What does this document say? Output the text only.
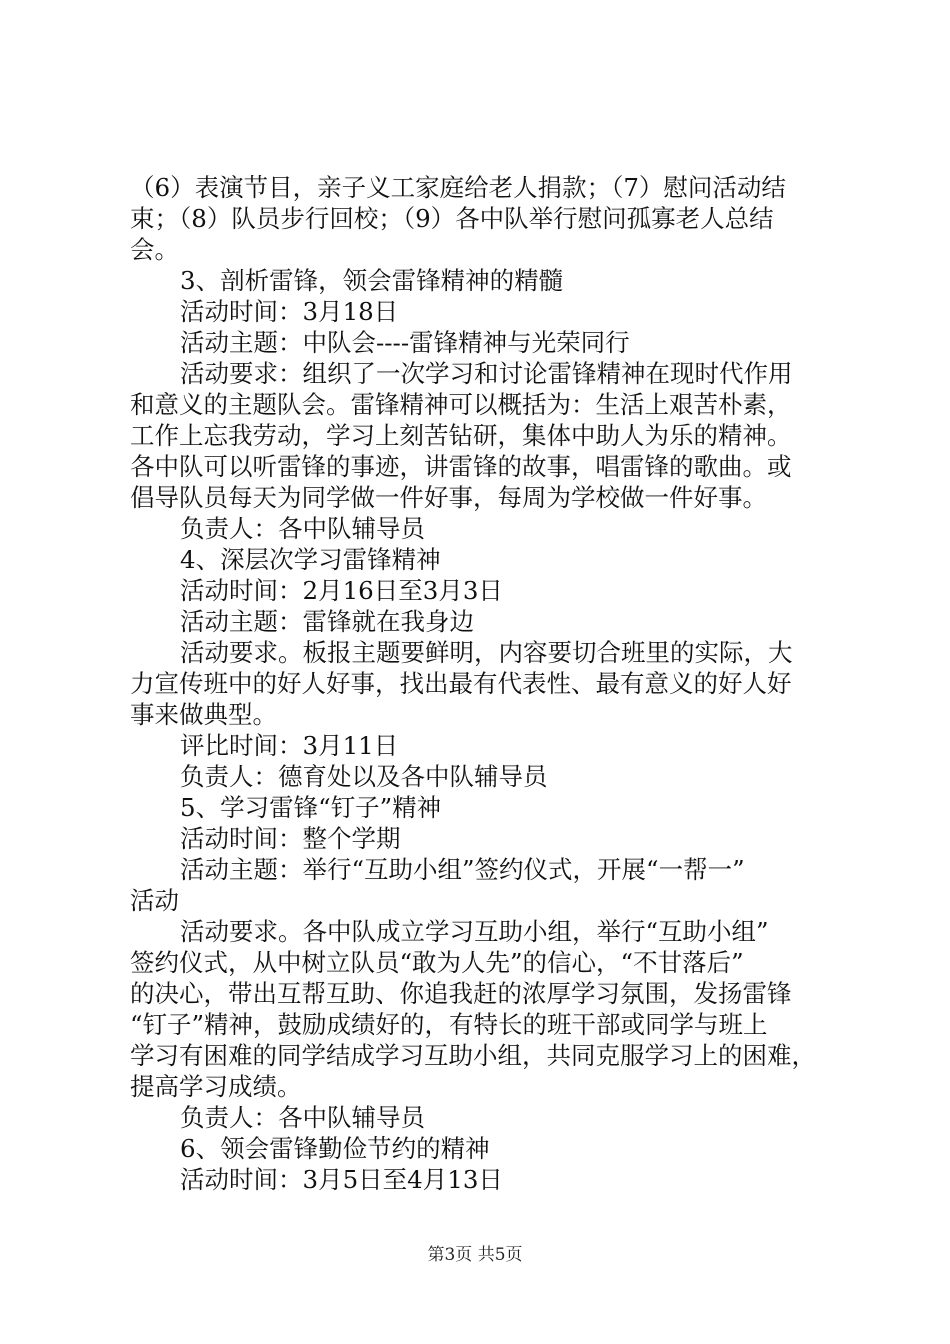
（6）表演节目，亲子义工家庭给老人捐款；（7）慰问活动结
束；（8）队员步行回校；（9）各中队举行慰问孤寡老人总结
会。
3、剖析雷锋，领会雷锋精神的精髓
活动时间：3月18日
活动主题：中队会----雷锋精神与光荣同行
活动要求：组织了一次学习和讨论雷锋精神在现时代作用
和意义的主题队会。雷锋精神可以概括为：生活上艰苦朴素，
工作上忘我劳动，学习上刻苦钻研，集体中助人为乐的精神。
各中队可以听雷锋的事迹，讲雷锋的故事，唱雷锋的歌曲。或
倡导队员每天为同学做一件好事，每周为学校做一件好事。
负责人：各中队辅导员
4、深层次学习雷锋精神
活动时间：2月16日至3月3日
活动主题：雷锋就在我身边
活动要求。板报主题要鲜明，内容要切合班里的实际，大
力宣传班中的好人好事，找出最有代表性、最有意义的好人好
事来做典型。
评比时间：3月11日
负责人：德育处以及各中队辅导员
5、学习雷锋“钉子”精神
活动时间：整个学期
活动主题：举行“互助小组”签约仪式，开展“一帮一”
活动
活动要求。各中队成立学习互助小组，举行“互助小组”
签约仪式，从中树立队员“敢为人先”的信心，“不甘落后”
的决心，带出互帮互助、你追我赶的浓厚学习氛围，发扬雷锋
“钉子”精神，鼓励成绩好的，有特长的班干部或同学与班上
学习有困难的同学结成学习互助小组，共同克服学习上的困难，
提高学习成绩。
负责人：各中队辅导员
6、领会雷锋勤俭节约的精神
活动时间：3月5日至4月13日
第3页 共5页
